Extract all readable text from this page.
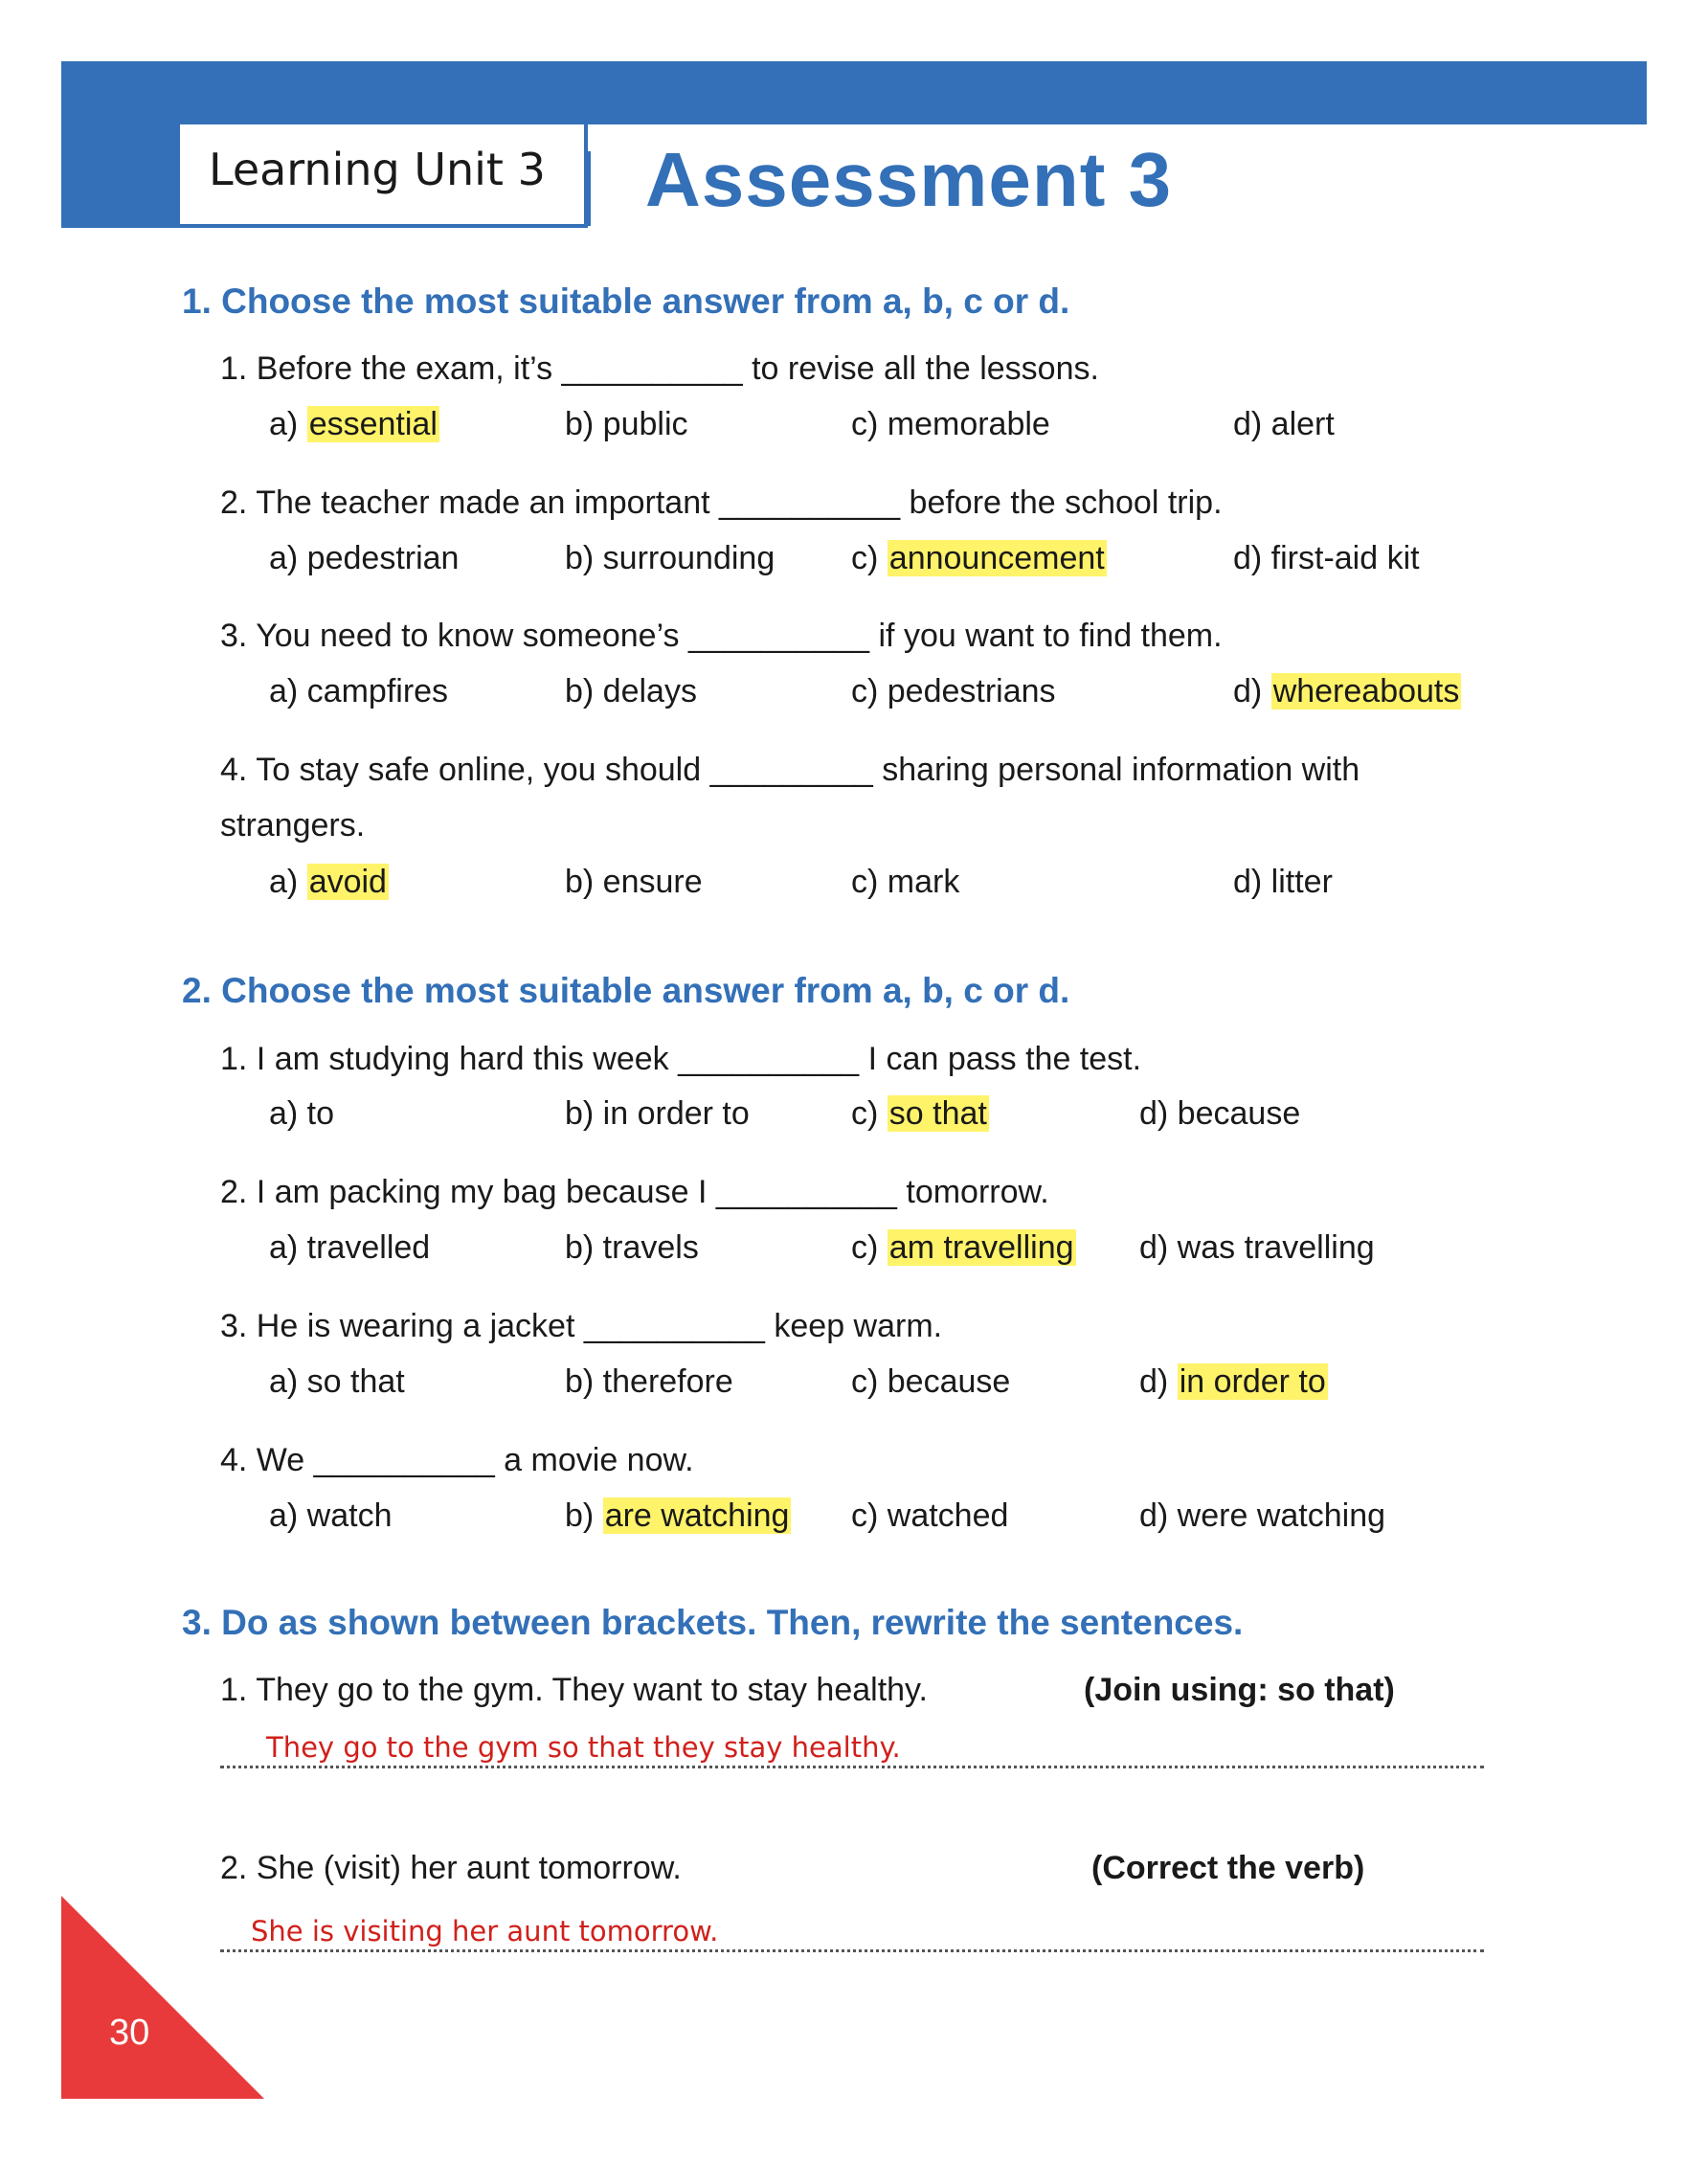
Learning Unit 3 Assessment 3
1. Choose the most suitable answer from a, b, c or d.
1. Before the exam, it’s __________ to revise all the lessons.
a) essential	b) public	c) memorable	d) alert
2. The teacher made an important __________ before the school trip.
a) pedestrian	b) surrounding c) announcement	d) first-aid kit
3. You need to know someone’s __________ if you want to find them.
a) campfires	b) delays	c) pedestrians	d) whereabouts
4. To stay safe online, you should _________ sharing personal information with
strangers.
a) avoid	b) ensure	c) mark	d) litter
2. Choose the most suitable answer from a, b, c or d.
1. I am studying hard this week __________ I can pass the test.
a) to	b) in order to	c) so that	d) because
2. I am packing my bag because I __________ tomorrow.
a) travelled	b) travels	c) am travelling d) was travelling
3. He is wearing a jacket __________ keep warm.
a) so that	b) therefore	c) because	d) in order to
4. We __________ a movie now.
a) watch	b) are watching c) watched	d) were watching
3. Do as shown between brackets. Then, rewrite the sentences.
1. They go to the gym. They want to stay healthy.	(Join using: so that)
They go to the gym so that they stay healthy.
2. She (visit) her aunt tomorrow.	(Correct the verb)
She is visiting her aunt tomorrow.
30
